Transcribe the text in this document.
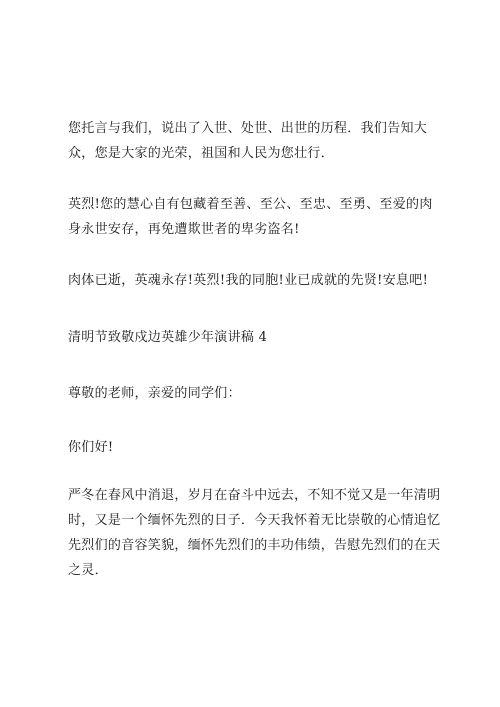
您托言与我们，说出了入世、处世、出世的历程．我们告知大
众，您是大家的光荣，祖国和人民为您壮行．

英烈!您的慧心自有包藏着至善、至公、至忠、至勇、至爱的肉
身永世安存，再免遭欺世者的卑劣盗名!

肉体已逝，英魂永存!英烈!我的同胞!业已成就的先贤!安息吧!

清明节致敬戍边英雄少年演讲稿 4

尊敬的老师，亲爱的同学们：

你们好!

严冬在春风中消退，岁月在奋斗中远去，不知不觉又是一年清明
时，又是一个缅怀先烈的日子．今天我怀着无比崇敬的心情追忆
先烈们的音容笑貌，缅怀先烈们的丰功伟绩，告慰先烈们的在天
之灵．
